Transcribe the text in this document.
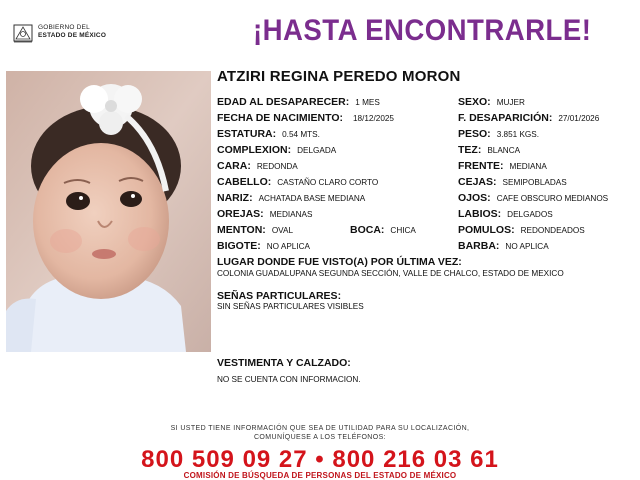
GOBIERNO DEL
ESTADO DE MÉXICO	¡HASTA ENCONTRARLE!
ATZIRI REGINA PEREDO MORON
EDAD AL DESAPARECER: 1 MES
FECHA DE NACIMIENTO: 18/12/2025
ESTATURA: 0.54 MTS.
COMPLEXION: DELGADA
CARA: REDONDA
CABELLO: CASTAÑO CLARO CORTO
NARIZ: ACHATADA BASE MEDIANA
OREJAS: MEDIANAS
MENTON: OVAL	BOCA: CHICA
BIGOTE: NO APLICA
SEXO: MUJER
F. DESAPARICIÓN: 27/01/2026
PESO: 3.851 KGS.
TEZ: BLANCA
FRENTE: MEDIANA
CEJAS: SEMIPOBLADAS
OJOS: CAFE OBSCURO MEDIANOS
LABIOS: DELGADOS
POMULOS: REDONDEADOS
BARBA: NO APLICA
LUGAR DONDE FUE VISTO(A) POR ÚLTIMA VEZ:
COLONIA GUADALUPANA SEGUNDA SECCIÓN, VALLE DE CHALCO, ESTADO DE MEXICO
SEÑAS PARTICULARES:
SIN SEÑAS PARTICULARES VISIBLES
VESTIMENTA Y CALZADO:
NO SE CUENTA CON INFORMACION.
SI USTED TIENE INFORMACIÓN QUE SEA DE UTILIDAD PARA SU LOCALIZACIÓN,
COMUNÍQUESE A LOS TELÉFONOS:
800 509 09 27 • 800 216 03 61
COMISIÓN DE BÚSQUEDA DE PERSONAS DEL ESTADO DE MÉXICO
